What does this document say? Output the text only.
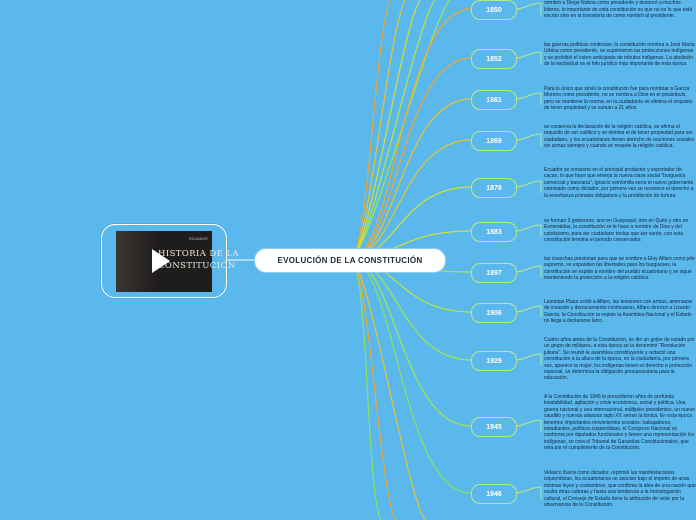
ECUADOR
HISTORIA DE LA
CONSTITUCIÓN
EVOLUCIÓN DE LA CONSTITUCIÓN
1850
1852
1861
1869
1878
1883
1897
1906
1929
1945
1946
nombró a Diego Noboa como presidente y desterró a muchos líderes, lo importante de esta constitución es que no es lo que está escrito sino en la transitoria de como nombró al presidente.
las guerras políticas continúan, la constitución nombra a José María Urbina como presidente, se suprimieron las protecciones indígenas y se prohibió el cobro anticipado de tributos indígenas. La abolición de la esclavitud es el hito jurídico más importante de esta época.
Para lo único que sirvió la constitución fue para nombrar a García Moreno como presidente, no se nombra a Dios en el preámbulo, pero se mantiene la norma, en la ciudadanía se elimina el requisito de tener propiedad y se suman a 21 años.
se conserva la declaración de la religión católica, se afirma el requisito de ser católico y se elimina el de tener propiedad para ser ciudadano, y los ecuatorianos tienen derecho de reuniones sociales sin armas siempre y cuando se respete la religión católica.
Ecuador se convierte en el principal productor y exportador de cacao, lo que hace que emerja la nueva clase social "burguesía comercial y bancaria", Ignacio veintimilla sería el nuevo gobernante nominado como dictador, por primera vez se reconoce el derecho a la enseñanza primaria obligatoria y la prohibición de tortura.
se forman 3 gobiernos, uno en Guayaquil, otro en Quito y otro en Esmeraldas, la constitución se le hace a nombre de Dios y del catolicismo, para ser ciudadano tenías que ser varón, con esta constitución termina el periodo conservador.
las cosechas presionan para que se nombre a Eloy Alfaro como jefe supremo, se expanden las libertades para los burgueses, la constitución se expide a nombre del pueblo ecuatoriano y se sigue manteniendo la protección a la religión católica.
Leonidas Plaza cedió a Alfaro, las tensiones con armas, amenazas de invasión y derrocamiento continuaron, Alfaro derrocó a Lizardo García, la Constitución la expide la Asamblea Nacional y el Estado no llega a declararse laico.
Cuatro años antes de la Constitución, se dio un golpe de estado por un grupo de militares, a esta época se la denominó "Revolución juliana". Se reunió la asamblea constituyente y redactó una constitución a la altura de la época, en la ciudadanía, por primera vez, aparece la mujer, los indígenas tienen el derecho a protección especial, se determina la obligación presupuestaria para la educación.
A la Constitución de 1945 le precedieron años de profunda inestabilidad, agitación y crisis económica, social y política. Una guerra nacional y una internacional, múltiples presidentes, un nuevo caudillo y nuevas alianzas siglo XX serían la tónica. En esta época tenemos importantes movimientos sociales: trabajadores, estudiantes, políticos izquierdistas, el Congreso Nacional se conforma por diputados funcionales y tienen una representación los indígenas, se crea el Tribunal de Garantías Constitucionales, que vela por el cumplimiento de la Constitución.
Velasco Ibarra como dictador, reprimió las manifestaciones izquierdistas, los ecuatorianos se asocian bajo el imperio de unas mismas leyes y costumbres, que confirma la idea de una nación que oculta otras culturas y hasta una tendencia a la homologación cultural, el Consejo de Estado tiene la atribución de velar por la observancia de la Constitución.
